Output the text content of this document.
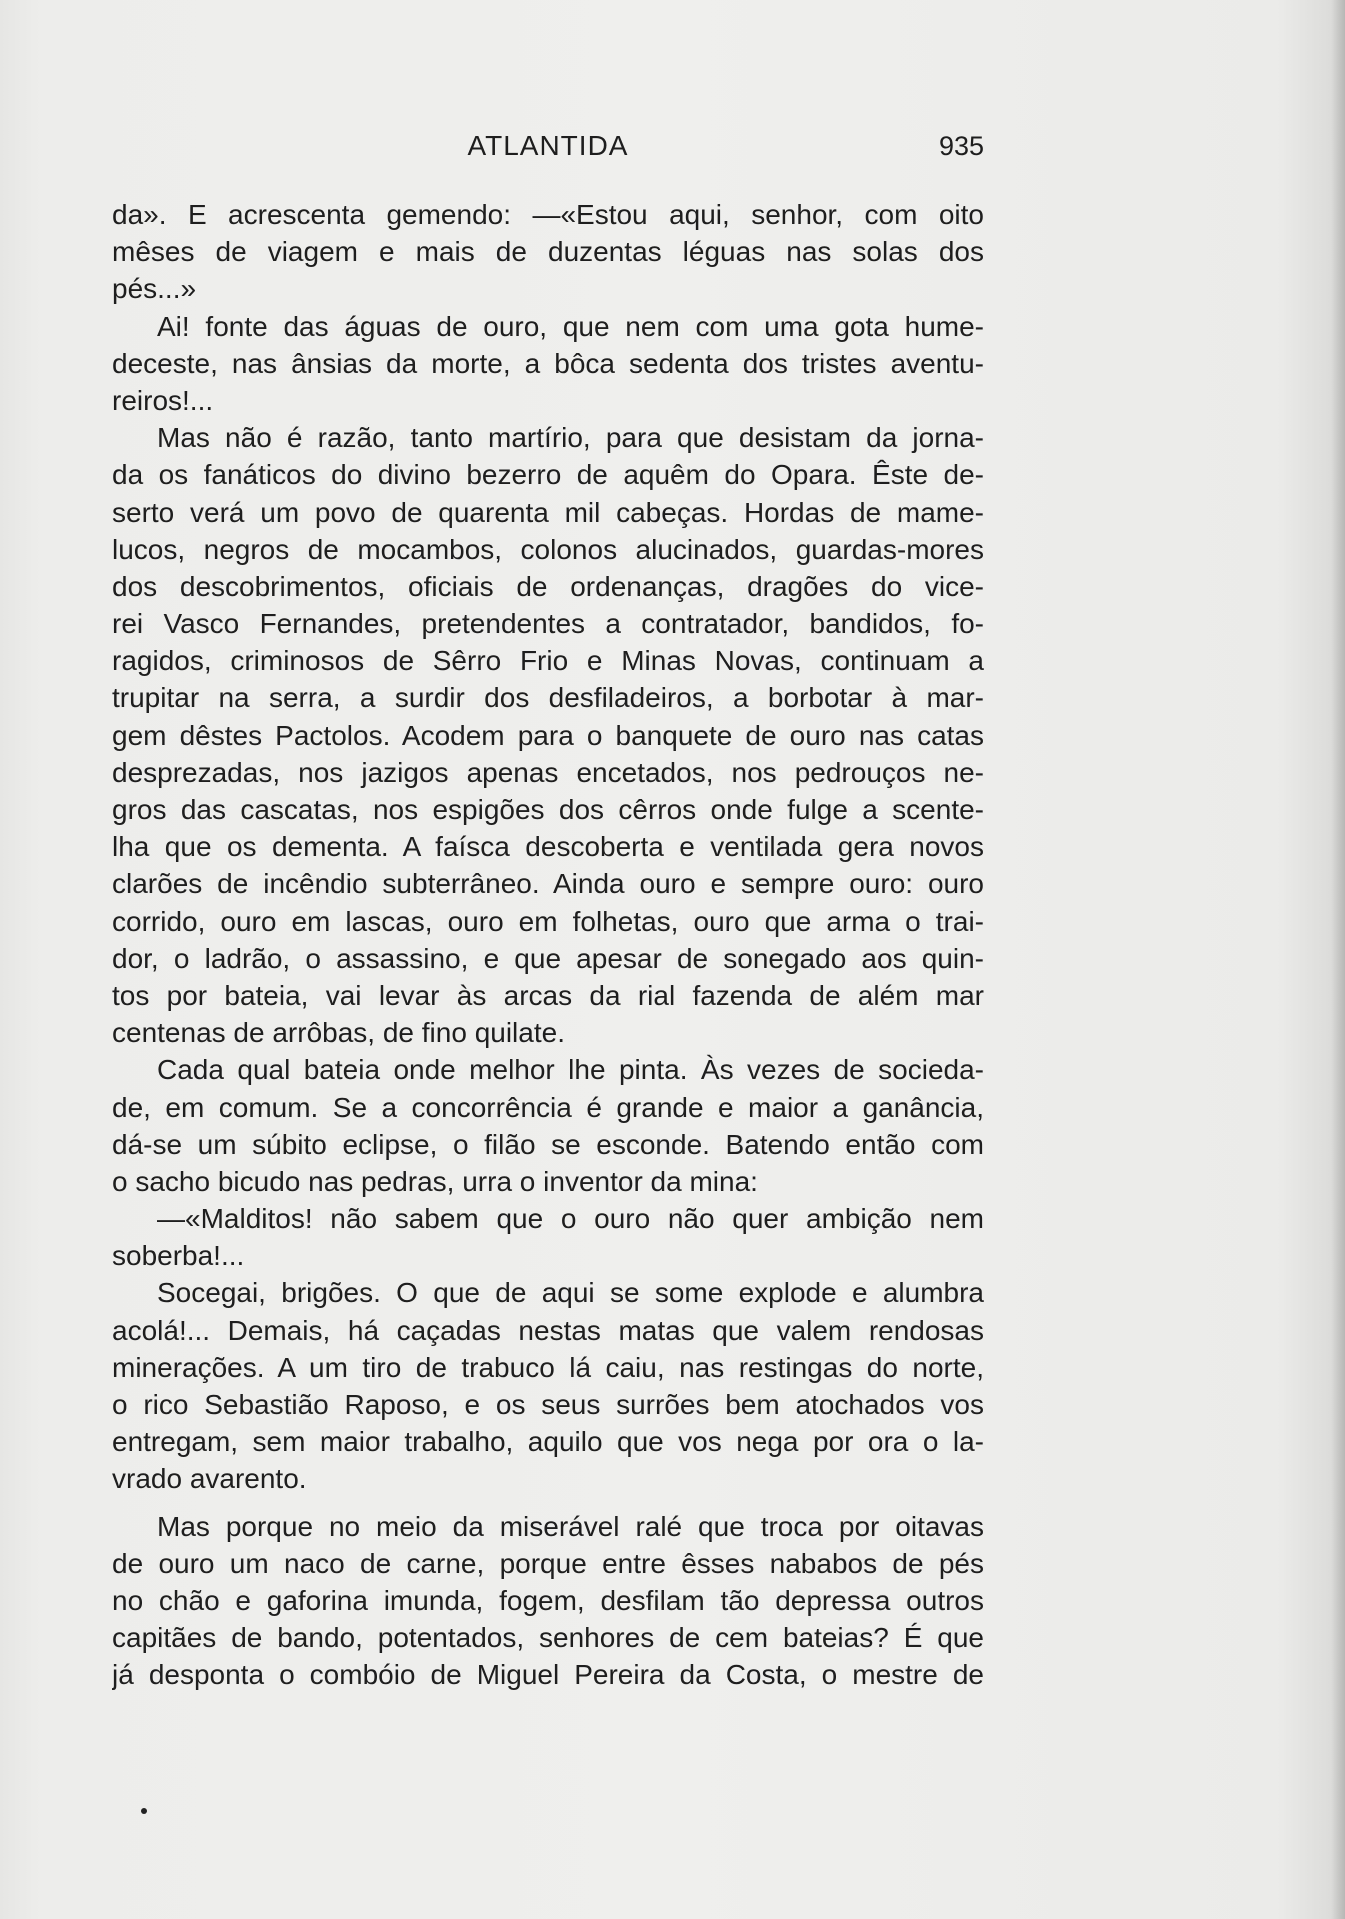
ATLANTIDA	935
da». E acrescenta gemendo: —«Estou aqui, senhor, com oito
mêses de viagem e mais de duzentas léguas nas solas dos
pés...»
Ai! fonte das águas de ouro, que nem com uma gota hume-
deceste, nas ânsias da morte, a bôca sedenta dos tristes aventu-
reiros!...
Mas não é razão, tanto martírio, para que desistam da jorna-
da os fanáticos do divino bezerro de aquêm do Opara. Êste de-
serto verá um povo de quarenta mil cabeças. Hordas de mame-
lucos, negros de mocambos, colonos alucinados, guardas-mores
dos descobrimentos, oficiais de ordenanças, dragões do vice-
rei Vasco Fernandes, pretendentes a contratador, bandidos, fo-
ragidos, criminosos de Sêrro Frio e Minas Novas, continuam a
trupitar na serra, a surdir dos desfiladeiros, a borbotar à mar-
gem dêstes Pactolos. Acodem para o banquete de ouro nas catas
desprezadas, nos jazigos apenas encetados, nos pedrouços ne-
gros das cascatas, nos espigões dos cêrros onde fulge a scente-
lha que os dementa. A faísca descoberta e ventilada gera novos
clarões de incêndio subterrâneo. Ainda ouro e sempre ouro: ouro
corrido, ouro em lascas, ouro em folhetas, ouro que arma o trai-
dor, o ladrão, o assassino, e que apesar de sonegado aos quin-
tos por bateia, vai levar às arcas da rial fazenda de além mar
centenas de arrôbas, de fino quilate.
Cada qual bateia onde melhor lhe pinta. Às vezes de socieda-
de, em comum. Se a concorrência é grande e maior a ganância,
dá-se um súbito eclipse, o filão se esconde. Batendo então com
o sacho bicudo nas pedras, urra o inventor da mina:
—«Malditos! não sabem que o ouro não quer ambição nem
soberba!...
Socegai, brigões. O que de aqui se some explode e alumbra
acolá!... Demais, há caçadas nestas matas que valem rendosas
minerações. A um tiro de trabuco lá caiu, nas restingas do norte,
o rico Sebastião Raposo, e os seus surrões bem atochados vos
entregam, sem maior trabalho, aquilo que vos nega por ora o la-
vrado avarento.
Mas porque no meio da miserável ralé que troca por oitavas
de ouro um naco de carne, porque entre êsses nababos de pés
no chão e gaforina imunda, fogem, desfilam tão depressa outros
capitães de bando, potentados, senhores de cem bateias? É que
já desponta o combóio de Miguel Pereira da Costa, o mestre de
